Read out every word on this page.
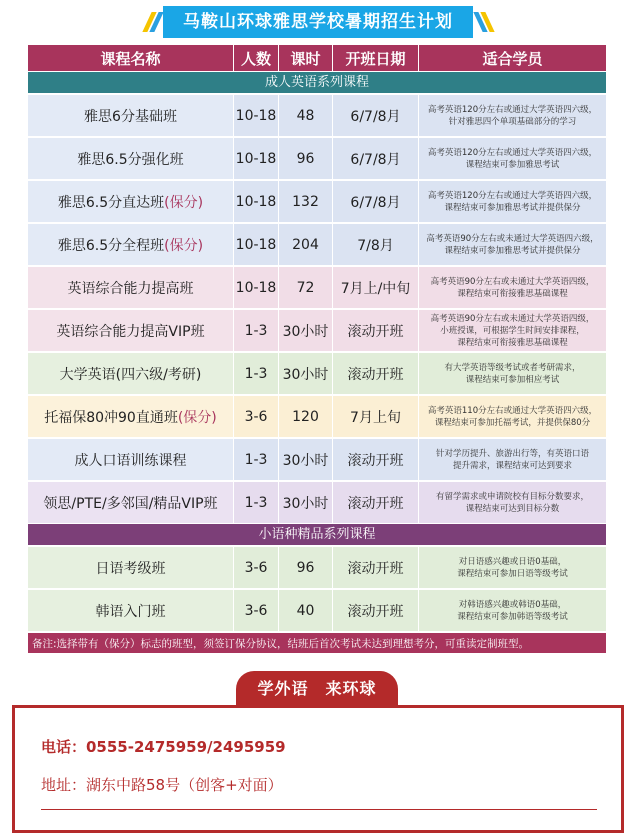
马鞍山环球雅思学校暑期招生计划
课程名称	人数	课时	开班日期	适合学员
成人英语系列课程
雅思6分基础班	10-18	48	6/7/8月	高考英语120分左右或通过大学英语四六级，
针对雅思四个单项基础部分的学习
雅思6.5分强化班	10-18	96	6/7/8月	高考英语120分左右或通过大学英语四六级，
课程结束可参加雅思考试
雅思6.5分直达班 (保分) 10-18	132	6/7/8月	高考英语120分左右或通过大学英语四六级，
课程结束可参加雅思考试并提供保分
雅思6.5分全程班 (保分) 10-18	204	7/8月	高考英语90分左右或未通过大学英语四六级，
课程结束可参加雅思考试并提供保分
英语综合能力提高班	10-18	72	7月上/中旬	高考英语90分左右或未通过大学英语四级，
课程结束可衔接雅思基础课程
英语综合能力提高VIP班	1-3	30小时	滚动开班
高考英语90分左右或未通过大学英语四级，
小班授课，可根据学生时间安排课程，
课程结束可衔接雅思基础课程
大学英语(四六级/考研)	1-3	30小时	滚动开班	有大学英语等级考试或者考研需求，
课程结束可参加相应考试
托福保80冲90直通班 (保分)	3-6	120	7月上旬	高考英语110分左右或通过大学英语四六级，
课程结束可参加托福考试，并提供保80分
成人口语训练课程	1-3	30小时	滚动开班	针对学历提升、旅游出行等，有英语口语
提升需求，课程结束可达到要求
领思/PTE/多邻国/精品VIP班	1-3	30小时	滚动开班	有留学需求或申请院校有目标分数要求，
课程结束可达到目标分数
小语种精品系列课程
日语考级班	3-6	96	滚动开班	对日语感兴趣或日语0基础，
课程结束可参加日语等级考试
韩语入门班	3-6	40	滚动开班	对韩语感兴趣或韩语0基础，
课程结束可参加韩语等级考试
备注:选择带有（保分）标志的班型，须签订保分协议，结班后首次考试未达到理想考分，可重读定制班型。
学外语　来环球
电话：0555-2475959/2495959
地址：湖东中路58号（创客+对面）
